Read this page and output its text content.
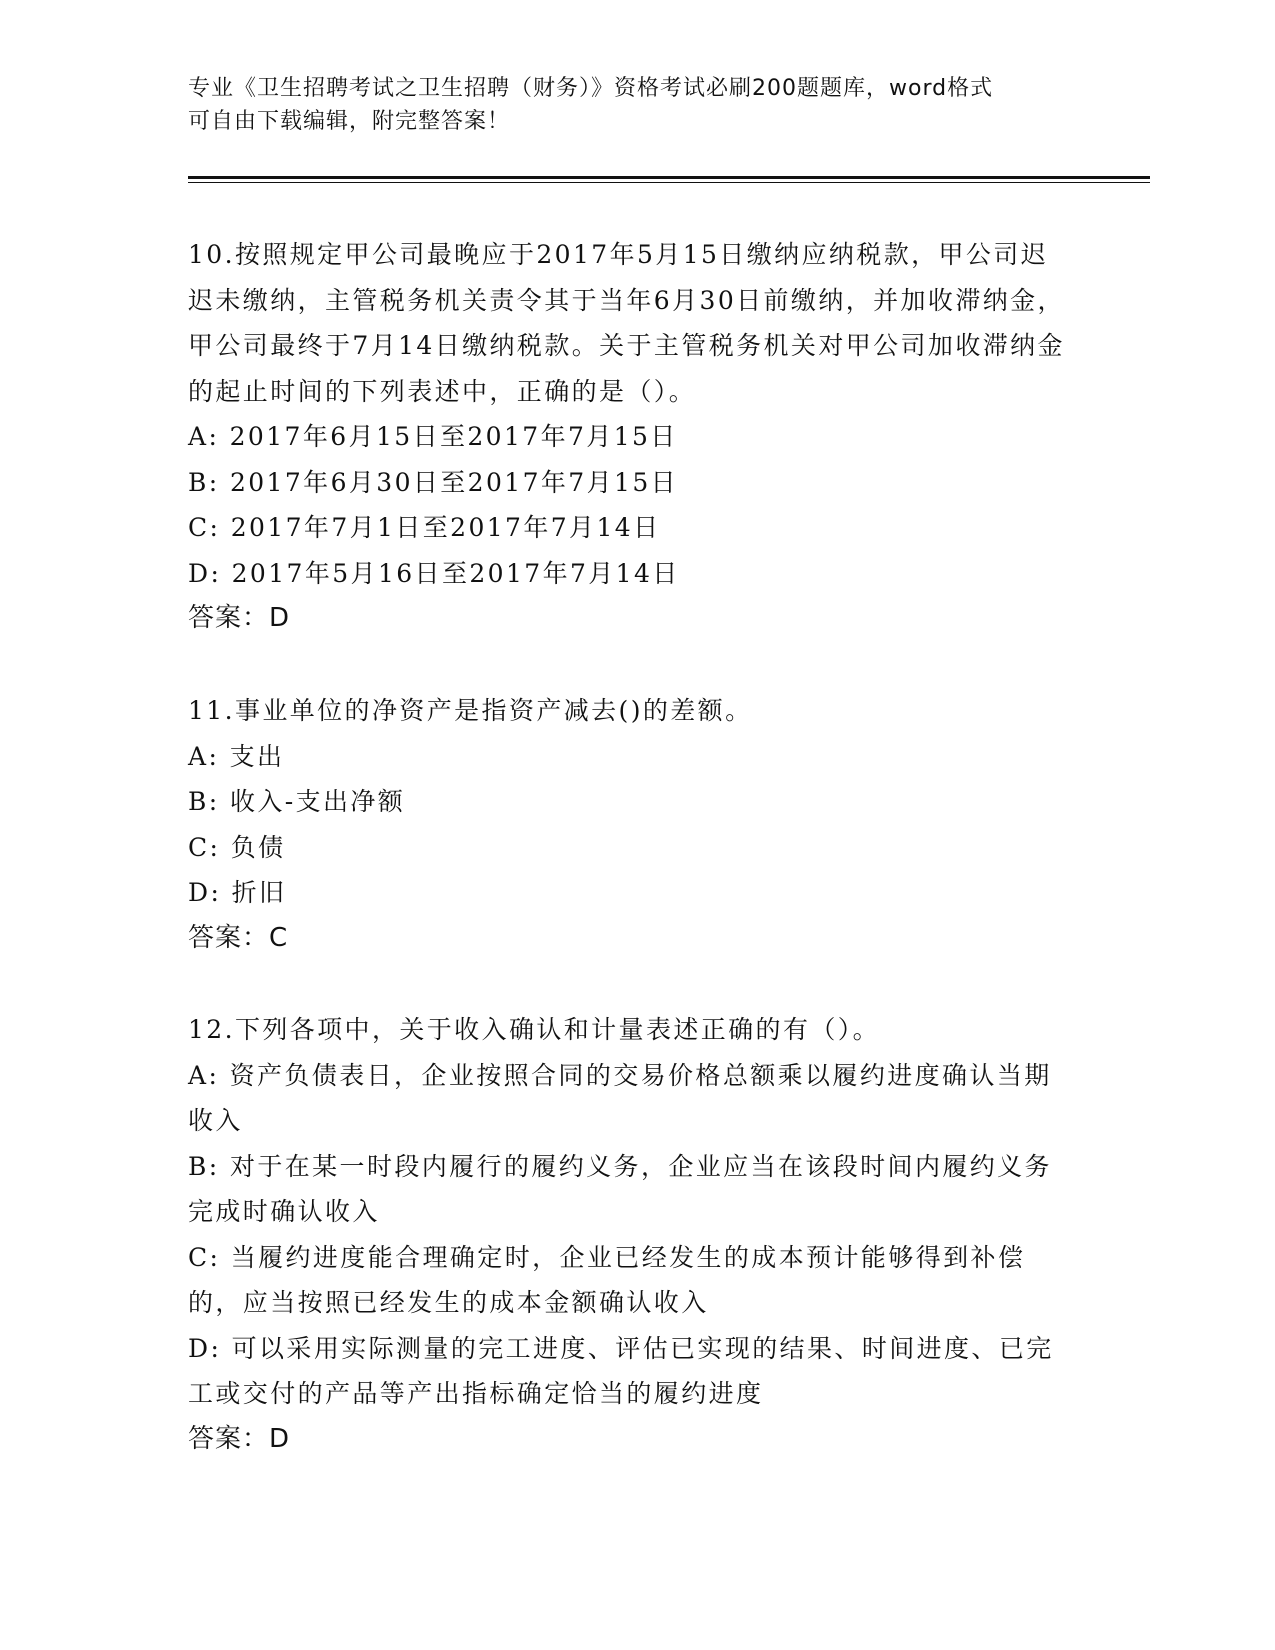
专业《卫生招聘考试之卫生招聘（财务）》资格考试必刷200题题库，word格式
可自由下载编辑，附完整答案！
10.按照规定甲公司最晚应于2017年5月15日缴纳应纳税款，甲公司迟迟未缴纳，主管税务机关责令其于当年6月30日前缴纳，并加收滞纳金，甲公司最终于7月14日缴纳税款。关于主管税务机关对甲公司加收滞纳金的起止时间的下列表述中，正确的是（）。
A: 2017年6月15日至2017年7月15日
B: 2017年6月30日至2017年7月15日
C: 2017年7月1日至2017年7月14日
D: 2017年5月16日至2017年7月14日
答案：D
11.事业单位的净资产是指资产减去()的差额。
A: 支出
B: 收入-支出净额
C: 负债
D: 折旧
答案：C
12.下列各项中，关于收入确认和计量表述正确的有（）。
A: 资产负债表日，企业按照合同的交易价格总额乘以履约进度确认当期收入
B: 对于在某一时段内履行的履约义务，企业应当在该段时间内履约义务完成时确认收入
C: 当履约进度能合理确定时，企业已经发生的成本预计能够得到补偿的，应当按照已经发生的成本金额确认收入
D: 可以采用实际测量的完工进度、评估已实现的结果、时间进度、已完工或交付的产品等产出指标确定恰当的履约进度
答案：D
